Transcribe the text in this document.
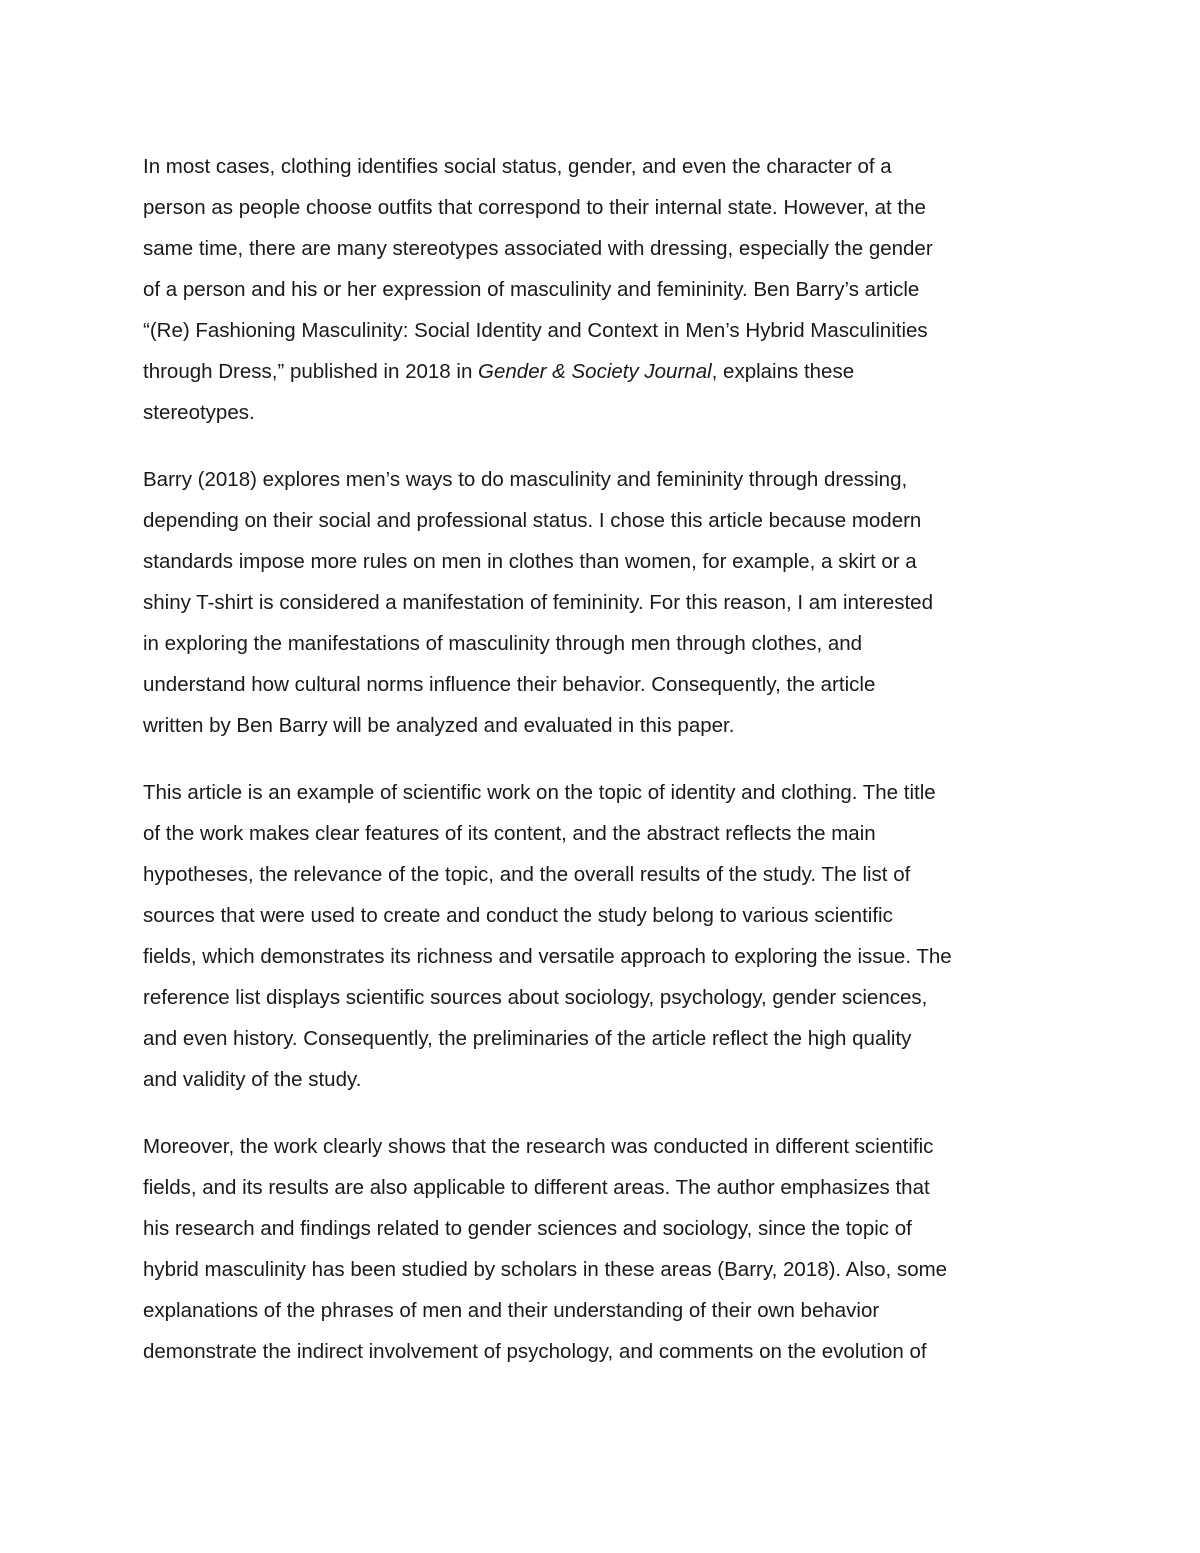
In most cases, clothing identifies social status, gender, and even the character of a
person as people choose outfits that correspond to their internal state. However, at the
same time, there are many stereotypes associated with dressing, especially the gender
of a person and his or her expression of masculinity and femininity. Ben Barry’s article
“(Re) Fashioning Masculinity: Social Identity and Context in Men’s Hybrid Masculinities
through Dress,” published in 2018 in Gender & Society Journal, explains these
stereotypes.

Barry (2018) explores men’s ways to do masculinity and femininity through dressing,
depending on their social and professional status. I chose this article because modern
standards impose more rules on men in clothes than women, for example, a skirt or a
shiny T-shirt is considered a manifestation of femininity. For this reason, I am interested
in exploring the manifestations of masculinity through men through clothes, and
understand how cultural norms influence their behavior. Consequently, the article
written by Ben Barry will be analyzed and evaluated in this paper.

This article is an example of scientific work on the topic of identity and clothing. The title
of the work makes clear features of its content, and the abstract reflects the main
hypotheses, the relevance of the topic, and the overall results of the study. The list of
sources that were used to create and conduct the study belong to various scientific
fields, which demonstrates its richness and versatile approach to exploring the issue. The
reference list displays scientific sources about sociology, psychology, gender sciences,
and even history. Consequently, the preliminaries of the article reflect the high quality
and validity of the study.

Moreover, the work clearly shows that the research was conducted in different scientific
fields, and its results are also applicable to different areas. The author emphasizes that
his research and findings related to gender sciences and sociology, since the topic of
hybrid masculinity has been studied by scholars in these areas (Barry, 2018). Also, some
explanations of the phrases of men and their understanding of their own behavior
demonstrate the indirect involvement of psychology, and comments on the evolution of
